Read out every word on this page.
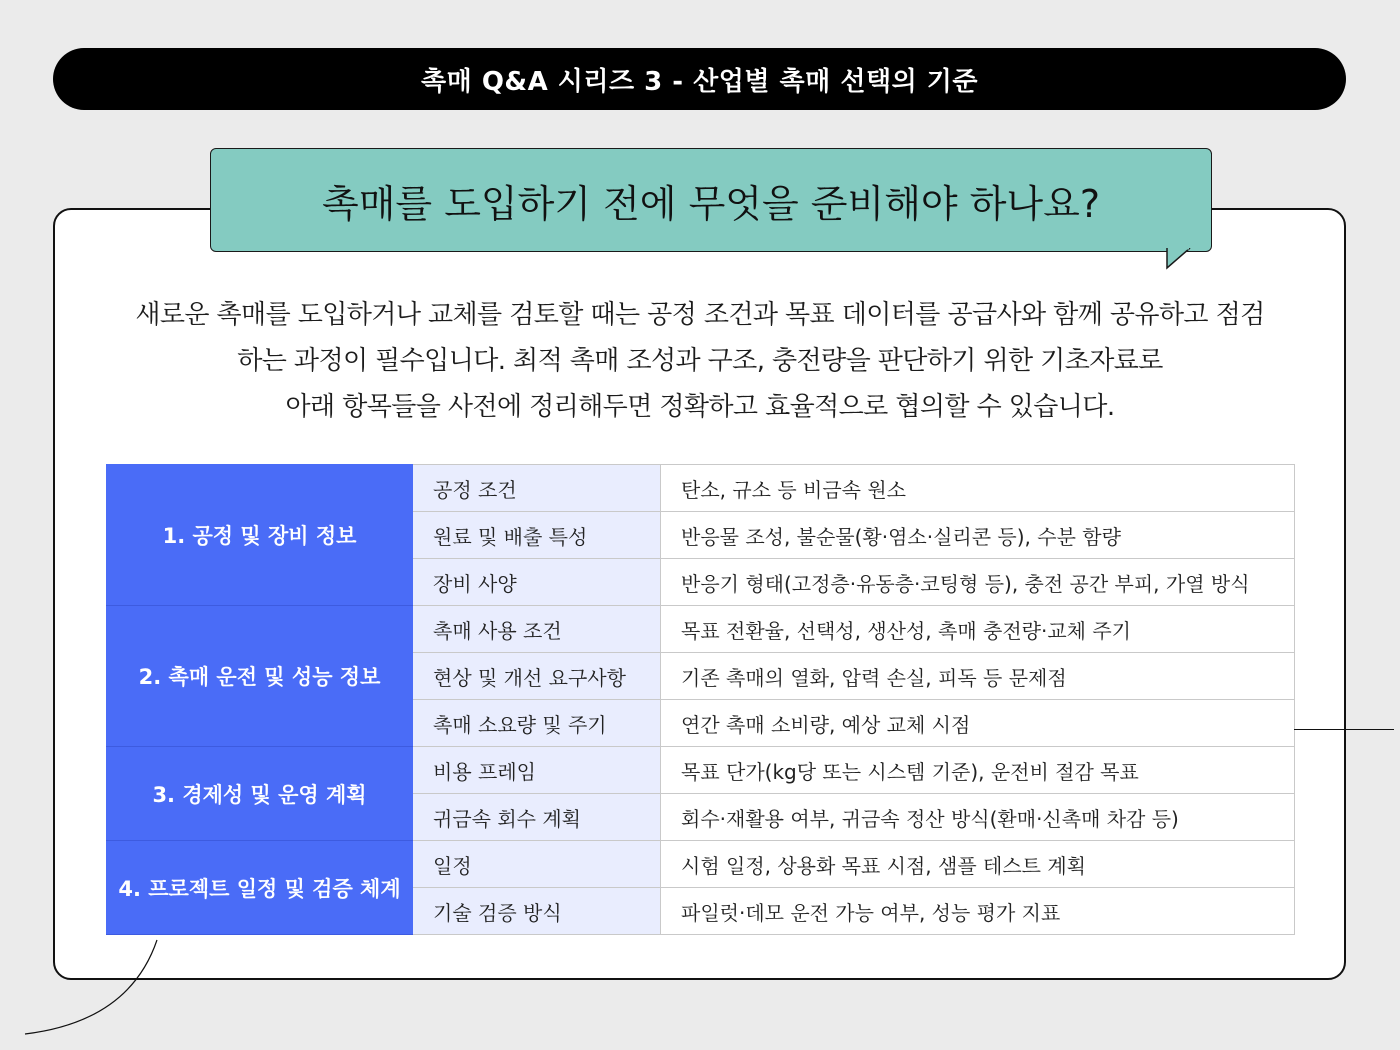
촉매 Q&A 시리즈 3 - 산업별 촉매 선택의 기준
촉매를 도입하기 전에 무엇을 준비해야 하나요?

새로운 촉매를 도입하거나 교체를 검토할 때는 공정 조건과 목표 데이터를 공급사와 함께 공유하고 점검

하는 과정이 필수입니다. 최적 촉매 조성과 구조, 충전량을 판단하기 위한 기초자료로

아래 항목들을 사전에 정리해두면 정확하고 효율적으로 협의할 수 있습니다.

1. 공정 및 장비 정보	공정 조건	탄소, 규소 등 비금속 원소
	원료 및 배출 특성	반응물 조성, 불순물(황·염소·실리콘 등), 수분 함량
	장비 사양	반응기 형태(고정층·유동층·코팅형 등), 충전 공간 부피, 가열 방식
2. 촉매 운전 및 성능 정보	촉매 사용 조건	목표 전환율, 선택성, 생산성, 촉매 충전량·교체 주기
	현상 및 개선 요구사항	기존 촉매의 열화, 압력 손실, 피독 등 문제점
	촉매 소요량 및 주기	연간 촉매 소비량, 예상 교체 시점
3. 경제성 및 운영 계획	비용 프레임	목표 단가(kg당 또는 시스템 기준), 운전비 절감 목표
	귀금속 회수 계획	회수·재활용 여부, 귀금속 정산 방식(환매·신촉매 차감 등)
4. 프로젝트 일정 및 검증 체계	일정	시험 일정, 상용화 목표 시점, 샘플 테스트 계획
	기술 검증 방식	파일럿·데모 운전 가능 여부, 성능 평가 지표
